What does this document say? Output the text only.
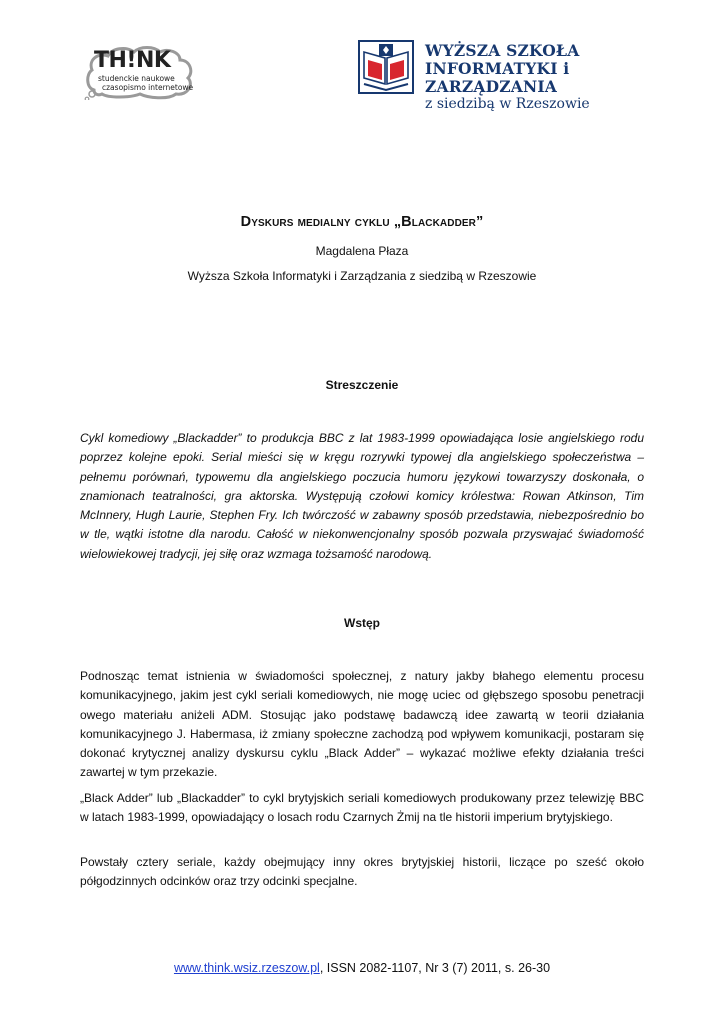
TH!NK
studenckie naukowe
czasopismo internetowe
WYŻSZA SZKOŁA
INFORMATYKI i ZARZĄDZANIA
z siedzibą w Rzeszowie
Dyskurs medialny cyklu „Blackadder”
Magdalena Płaza
Wyższa Szkoła Informatyki i Zarządzania z siedzibą w Rzeszowie
Streszczenie

Cykl komediowy „Blackadder” to produkcja BBC z lat 1983-1999 opowiadająca losie angielskiego rodu poprzez kolejne epoki. Serial mieści się w kręgu rozrywki typowej dla angielskiego społeczeństwa – pełnemu porównań, typowemu dla angielskiego poczucia humoru językowi towarzyszy doskonała, o znamionach teatralności, gra aktorska. Występują czołowi komicy królestwa: Rowan Atkinson, Tim McInnery, Hugh Laurie, Stephen Fry. Ich twórczość w zabawny sposób przedstawia, niebezpośrednio bo w tle, wątki istotne dla narodu. Całość w niekonwencjonalny sposób pozwala przyswajać świadomość wielowiekowej tradycji, jej siłę oraz wzmaga tożsamość narodową.

Wstęp

Podnosząc temat istnienia w świadomości społecznej, z natury jakby błahego elementu procesu komunikacyjnego, jakim jest cykl seriali komediowych, nie mogę uciec od głębszego sposobu penetracji owego materiału aniżeli ADM. Stosując jako podstawę badawczą idee zawartą w teorii działania komunikacyjnego J. Habermasa, iż zmiany społeczne zachodzą pod wpływem komunikacji, postaram się dokonać krytycznej analizy dyskursu cyklu „Black Adder” – wykazać możliwe efekty działania treści zawartej w tym przekazie.

„Black Adder” lub „Blackadder” to cykl brytyjskich seriali komediowych produkowany przez telewizję BBC w latach 1983-1999, opowiadający o losach rodu Czarnych Żmij na tle historii imperium brytyjskiego.

Powstały cztery seriale, każdy obejmujący inny okres brytyjskiej historii, liczące po sześć około półgodzinnych odcinków oraz trzy odcinki specjalne.

www.think.wsiz.rzeszow.pl, ISSN 2082-1107, Nr 3 (7) 2011, s. 26-30
